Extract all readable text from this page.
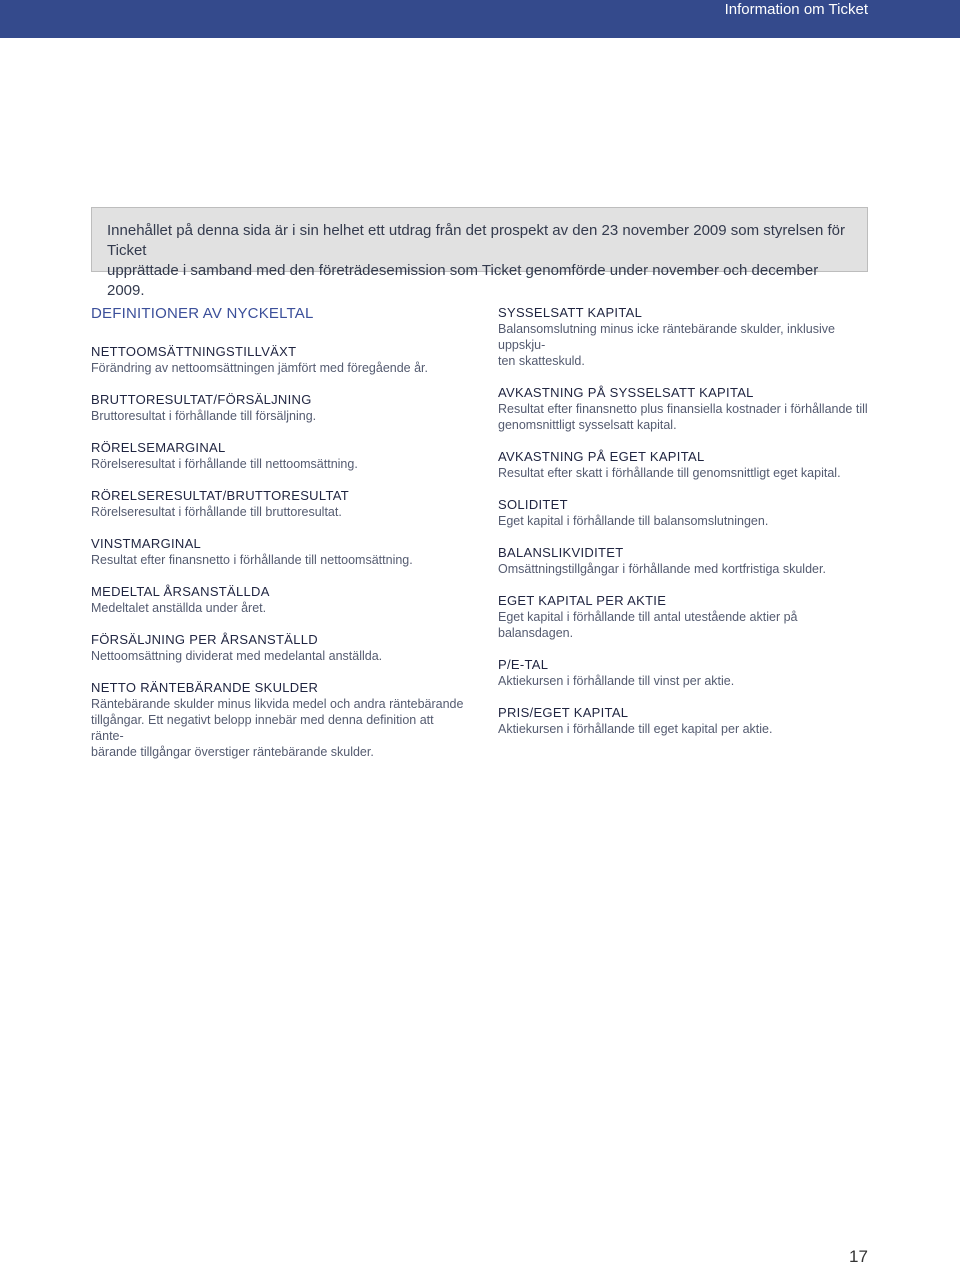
Information om Ticket
Innehållet på denna sida är i sin helhet ett utdrag från det prospekt av den 23 november 2009 som styrelsen för Ticket
upprättade i samband med den företrädesemission som Ticket genomförde under november och december 2009.
DEFINITIONER AV NYCKELTAL
NETTOOMSÄTTNINGSTILLVÄXT
Förändring av nettoomsättningen jämfört med föregående år.
BRUTTORESULTAT/FÖRSÄLJNING
Bruttoresultat i förhållande till försäljning.
RÖRELSEMARGINAL
Rörelseresultat i förhållande till nettoomsättning.
RÖRELSERESULTAT/BRUTTORESULTAT
Rörelseresultat i förhållande till bruttoresultat.
VINSTMARGINAL
Resultat efter finansnetto i förhållande till nettoomsättning.
MEDELTAL ÅRSANSTÄLLDA
Medeltalet anställda under året.
FÖRSÄLJNING PER ÅRSANSTÄLLD
Nettoomsättning dividerat med medelantal anställda.
NETTO RÄNTEBÄRANDE SKULDER
Räntebärande skulder minus likvida medel och andra räntebärande
tillgångar. Ett negativt belopp innebär med denna definition att ränte-
bärande tillgångar överstiger räntebärande skulder.
SYSSELSATT KAPITAL
Balansomslutning minus icke räntebärande skulder, inklusive uppskju-
ten skatteskuld.
AVKASTNING PÅ SYSSELSATT KAPITAL
Resultat efter finansnetto plus finansiella kostnader i förhållande till
genomsnittligt sysselsatt kapital.
AVKASTNING PÅ EGET KAPITAL
Resultat efter skatt i förhållande till genomsnittligt eget kapital.
SOLIDITET
Eget kapital i förhållande till balansomslutningen.
BALANSLIKVIDITET
Omsättningstillgångar i förhållande med kortfristiga skulder.
EGET KAPITAL PER AKTIE
Eget kapital i förhållande till antal utestående aktier på balansdagen.
P/E-TAL
Aktiekursen i förhållande till vinst per aktie.
PRIS/EGET KAPITAL
Aktiekursen i förhållande till eget kapital per aktie.
17
